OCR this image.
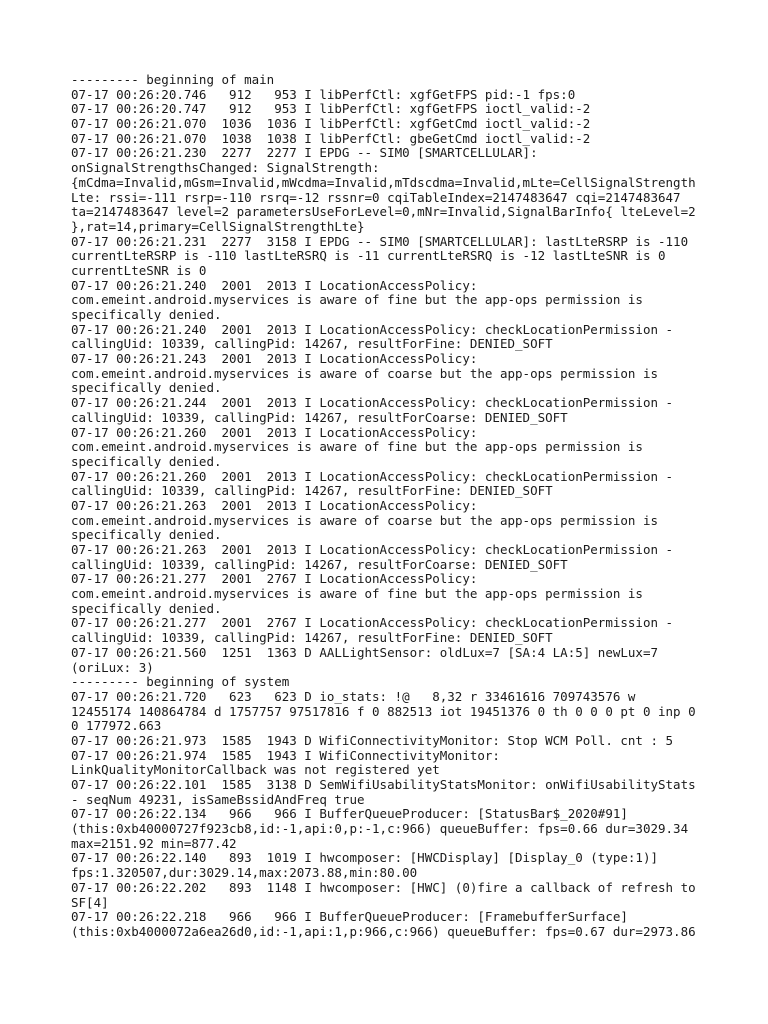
--------- beginning of main
07-17 00:26:20.746   912   953 I libPerfCtl: xgfGetFPS pid:-1 fps:0
07-17 00:26:20.747   912   953 I libPerfCtl: xgfGetFPS ioctl_valid:-2
07-17 00:26:21.070  1036  1036 I libPerfCtl: xgfGetCmd ioctl_valid:-2
07-17 00:26:21.070  1038  1038 I libPerfCtl: gbeGetCmd ioctl_valid:-2
07-17 00:26:21.230  2277  2277 I EPDG -- SIM0 [SMARTCELLULAR]:
onSignalStrengthsChanged: SignalStrength:
{mCdma=Invalid,mGsm=Invalid,mWcdma=Invalid,mTdscdma=Invalid,mLte=CellSignalStrength
Lte: rssi=-111 rsrp=-110 rsrq=-12 rssnr=0 cqiTableIndex=2147483647 cqi=2147483647
ta=2147483647 level=2 parametersUseForLevel=0,mNr=Invalid,SignalBarInfo{ lteLevel=2
},rat=14,primary=CellSignalStrengthLte}
07-17 00:26:21.231  2277  3158 I EPDG -- SIM0 [SMARTCELLULAR]: lastLteRSRP is -110
currentLteRSRP is -110 lastLteRSRQ is -11 currentLteRSRQ is -12 lastLteSNR is 0
currentLteSNR is 0
07-17 00:26:21.240  2001  2013 I LocationAccessPolicy:
com.emeint.android.myservices is aware of fine but the app-ops permission is
specifically denied.
07-17 00:26:21.240  2001  2013 I LocationAccessPolicy: checkLocationPermission -
callingUid: 10339, callingPid: 14267, resultForFine: DENIED_SOFT
07-17 00:26:21.243  2001  2013 I LocationAccessPolicy:
com.emeint.android.myservices is aware of coarse but the app-ops permission is
specifically denied.
07-17 00:26:21.244  2001  2013 I LocationAccessPolicy: checkLocationPermission -
callingUid: 10339, callingPid: 14267, resultForCoarse: DENIED_SOFT
07-17 00:26:21.260  2001  2013 I LocationAccessPolicy:
com.emeint.android.myservices is aware of fine but the app-ops permission is
specifically denied.
07-17 00:26:21.260  2001  2013 I LocationAccessPolicy: checkLocationPermission -
callingUid: 10339, callingPid: 14267, resultForFine: DENIED_SOFT
07-17 00:26:21.263  2001  2013 I LocationAccessPolicy:
com.emeint.android.myservices is aware of coarse but the app-ops permission is
specifically denied.
07-17 00:26:21.263  2001  2013 I LocationAccessPolicy: checkLocationPermission -
callingUid: 10339, callingPid: 14267, resultForCoarse: DENIED_SOFT
07-17 00:26:21.277  2001  2767 I LocationAccessPolicy:
com.emeint.android.myservices is aware of fine but the app-ops permission is
specifically denied.
07-17 00:26:21.277  2001  2767 I LocationAccessPolicy: checkLocationPermission -
callingUid: 10339, callingPid: 14267, resultForFine: DENIED_SOFT
07-17 00:26:21.560  1251  1363 D AALLightSensor: oldLux=7 [SA:4 LA:5] newLux=7
(oriLux: 3)
--------- beginning of system
07-17 00:26:21.720   623   623 D io_stats: !@   8,32 r 33461616 709743576 w
12455174 140864784 d 1757757 97517816 f 0 882513 iot 19451376 0 th 0 0 0 pt 0 inp 0
0 177972.663
07-17 00:26:21.973  1585  1943 D WifiConnectivityMonitor: Stop WCM Poll. cnt : 5
07-17 00:26:21.974  1585  1943 I WifiConnectivityMonitor:
LinkQualityMonitorCallback was not registered yet
07-17 00:26:22.101  1585  3138 D SemWifiUsabilityStatsMonitor: onWifiUsabilityStats
- seqNum 49231, isSameBssidAndFreq true
07-17 00:26:22.134   966   966 I BufferQueueProducer: [StatusBar$_2020#91]
(this:0xb40000727f923cb8,id:-1,api:0,p:-1,c:966) queueBuffer: fps=0.66 dur=3029.34
max=2151.92 min=877.42
07-17 00:26:22.140   893  1019 I hwcomposer: [HWCDisplay] [Display_0 (type:1)]
fps:1.320507,dur:3029.14,max:2073.88,min:80.00
07-17 00:26:22.202   893  1148 I hwcomposer: [HWC] (0)fire a callback of refresh to
SF[4]
07-17 00:26:22.218   966   966 I BufferQueueProducer: [FramebufferSurface]
(this:0xb4000072a6ea26d0,id:-1,api:1,p:966,c:966) queueBuffer: fps=0.67 dur=2973.86
